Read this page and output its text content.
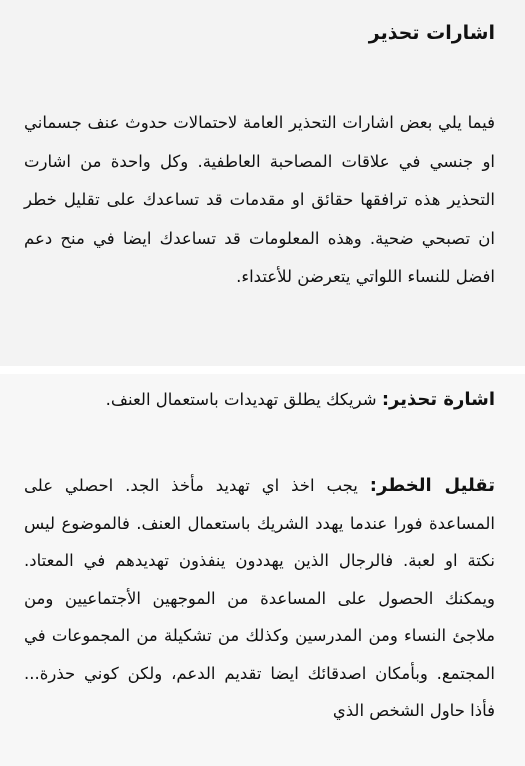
اشارات تحذير
فيما يلي بعض اشارات التحذير العامة لاحتمالات حدوث عنف جسماني او جنسي في علاقات المصاحبة العاطفية. وكل واحدة من اشارت التحذير هذه ترافقها حقائق او مقدمات قد تساعدك على تقليل خطر ان تصبحي ضحية. وهذه المعلومات قد تساعدك ايضا في منح دعم افضل للنساء اللواتي يتعرضن للأعتداء.
اشارة تحذير: شريكك يطلق تهديدات باستعمال العنف.
تقليل الخطر: يجب اخذ اي تهديد مأخذ الجد. احصلي على المساعدة فورا عندما يهدد الشريك باستعمال العنف. فالموضوع ليس نكتة او لعبة. فالرجال الذين يهددون ينفذون تهديدهم في المعتاد. ويمكنك الحصول على المساعدة من الموجهين الأجتماعيين ومن ملاجئ النساء ومن المدرسين وكذلك من تشكيلة من المجموعات في المجتمع. وبأمكان اصدقائك ايضا تقديم الدعم، ولكن كوني حذرة... فأذا حاول الشخص الذي
